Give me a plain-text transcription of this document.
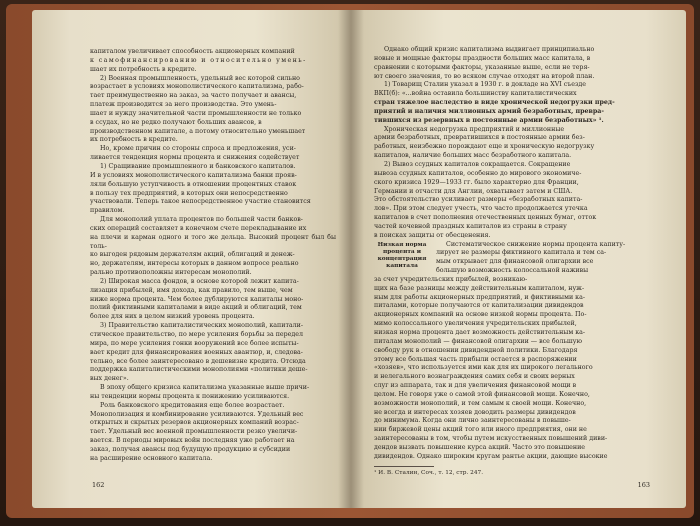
капиталом увеличивает способность акционерных компаний

к самофинансированию и относительно умень-

шает их потребность в кредите.

2) Военная промышленность, удельный вес которой сильно

возрастает в условиях монополистического капитализма, рабо-

тает преимущественно на заказ, за часто получает и авансы,

платеж производится за него производства. Это умень-

шает и нужду значительной части промышленности не только

в ссудах, но не редко получают больших авансов, в

производственном капитале, а потому относительно уменьшает

их потребность в кредите.

Но, кроме причин со стороны спроса и предложения, уси-

ливается тенденция нормы процента и снижения содействует

1) Сращивание промышленного и банковского капиталов.

И в условиях монополистического капитализма банки прояв-

ляли большую уступчивость в отношении процентных ставок

в пользу тех предприятий, в которых они непосредственно

участвовали. Теперь такое непосредственное участие становится

правилом.

Для монополий уплата процентов по большей части банков-

ских операций составляет в конечном счете перекладывание их

на плечи и карман одного и того же дельца. Высокий процент был бы толь-

ко выгоден рядовым держателям акций, облигаций и денеж-

но, держателям, интересы которых в данном вопросе реально

рально противоположны интересам монополий.

2) Широкая масса фондов, в основе которой лежит капита-

лизация прибылей, имя дохода, как правило, тем выше, чем

ниже норма процента. Чем более дублируются капиталы моно-

полий фиктивными капиталами в виде акций и облигаций, тем

более для них в целом низкий уровень процента.

3) Правительство капиталистических монополий, капитали-

стическое правительство, по мере усиления борьбы за передел

мира, по мере усиления гонки вооружений все более испыты-

вает кредит для финансирования военных авантюр, и, следова-

тельно, все более заинтересовано в дешевизне кредита. Отсюда

поддержка капиталистическими монополиями «политики деше-

вых денег».

В эпоху общего кризиса капитализма указанные выше причи-

ны тенденции нормы процента к понижению усиливаются.

Роль банковского кредитования еще более возрастает.

Монополизация и комбинирование усиливаются. Удельный вес

открытых и скрытых резервов акционерных компаний возрас-

тает. Удельный вес военной промышленности резко увеличи-

вается. В периоды мировых войн последняя уже работает на

заказ, получая авансы под будущую продукцию и субсидии

на расширение основного капитала.

162

Однако общий кризис капитализма выдвигает принципиально

новые и мощные факторы праздности больших масс капитала, в

сравнении с которыми факторы, указанные выше, если не теря-

ют своего значения, то во всяком случае отходят на второй план.

1) Товарищ Сталин указал в 1930 г. в докладе на XVI съезде

ВКП(б): «...война оставила большинству капиталистических

стран тяжелое наследство в виде хронической недогрузки пред-

приятий и наличия миллионных армий безработных, превра-

тившихся из резервных в постоянные армии безработных» ¹.

Хроническая недогрузка предприятий и миллионные

армии безработных, превратившихся в постоянные армии без-

работных, неизбежно порождают еще и хроническую недогрузку

капиталов, наличие больших масс безработного капитала.

2) Вывоз ссудных капиталов сокращается. Сокращение

вывоза ссудных капиталов, особенно до мирового экономиче-

ского кризиса 1929—1933 гг. было характерно для Франции,

Германии и отчасти для Англии, охватывает затем и США.

Это обстоятельство усиливает размеры «безработных капита-

лов». При этом следует учесть, что часто продолжается утечка

капиталов в счет пополнения отечественных ценных бумаг, отток

частей кочевной праздных капиталов из страны в страну

в поисках защиты от обесценения.

Низкая норма процента и концентрация капитала

Систематическое снижение нормы процента капиту-

лирует не размеры фиктивного капитала и тем са-

мым открывает для финансовой олигархии все

большую возможность колоссальной наживы

за счет учредительских прибылей, возникаю-

щих на базе разницы между действительным капиталом, нуж-

ным для работы акционерных предприятий, и фиктивными ка-

питалами, которые получаются от капитализации дивидендов

акционерных компаний на основе низкой нормы процента. По-

мимо колоссального увеличения учредительских прибылей,

низкая норма процента дает возможность действительным ка-

питалам монополий — финансовой олигархии — все большую

свободу рук в отношении дивидендной политики. Благодаря

этому все большая часть прибыли остается в распоряжении

«хозяев», что используется ими как для их широкого легального

и нелегального вознаграждения самих себя и своих верных

слуг из аппарата, так и для увеличения финансовой мощи в

целом. Не говоря уже о самой этой финансовой мощи. Конечно,

возможности монополий, и тем самым к своей мощи. Конечно,

не всегда и интересах хозяев доводить размеры дивидендов

до минимума. Когда они лично заинтересованы в повыше-

нии биржевой цены акций того или иного предприятия, они не

заинтересованы в том, чтобы путем искусственных повышений диви-

дендов вызвать повышение курса акций. Часто это повышение

дивидендов. Однако широким кругам рантье акции, дающие высокие

¹ И. В. Сталин, Соч., т. 12, стр. 247.

163
